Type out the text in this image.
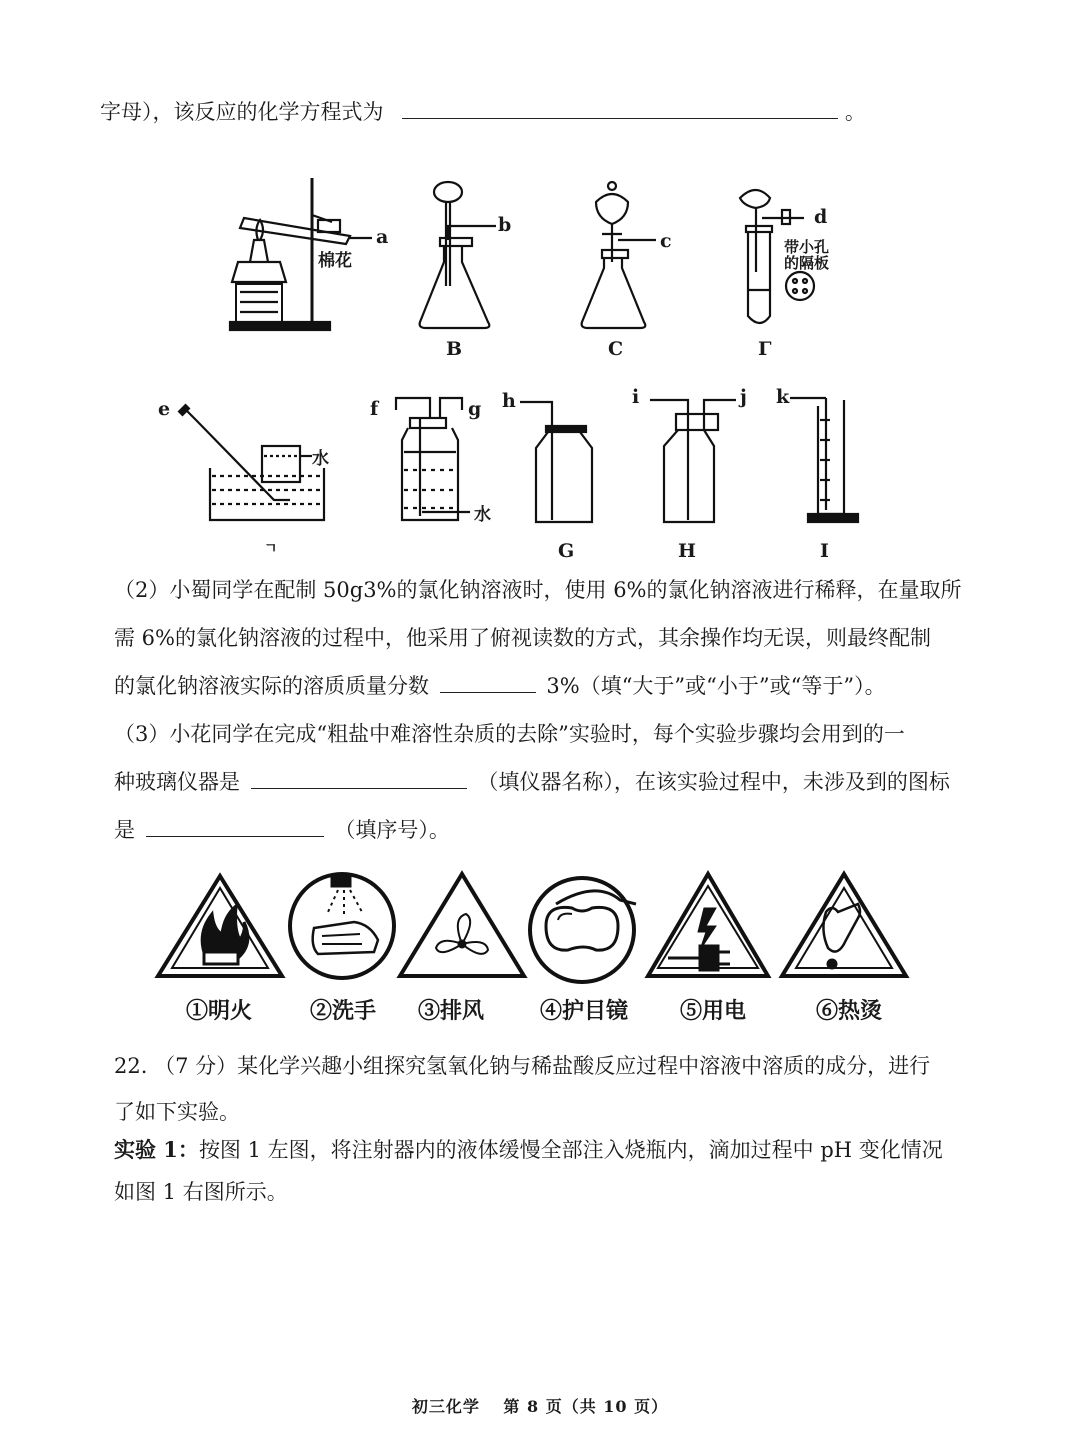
字母），该反应的化学方程式为	。
a
棉花
b
B
c
C
d
带小孔
的隔板
Γ
e
水
ㄱ
f	g
水
h
G
i	j
H
k
I
（2）小蜀同学在配制 50g3%的氯化钠溶液时，使用 6%的氯化钠溶液进行稀释，在量取所
需 6%的氯化钠溶液的过程中，他采用了俯视读数的方式，其余操作均无误，则最终配制
的氯化钠溶液实际的溶质质量分数	3%（填“大于”或“小于”或“等于”）。
（3）小花同学在完成“粗盐中难溶性杂质的去除”实验时，每个实验步骤均会用到的一
种玻璃仪器是	（填仪器名称），在该实验过程中，未涉及到的图标
是	（填序号）。
①明火	②洗手 ③排风	④护目镜 ⑤用电	⑥热烫
22. （7 分）某化学兴趣小组探究氢氧化钠与稀盐酸反应过程中溶液中溶质的成分，进行
了如下实验。
实验 1：按图 1 左图，将注射器内的液体缓慢全部注入烧瓶内，滴加过程中 pH 变化情况
如图 1 右图所示。
初三化学　 第 8 页（共 10 页）
